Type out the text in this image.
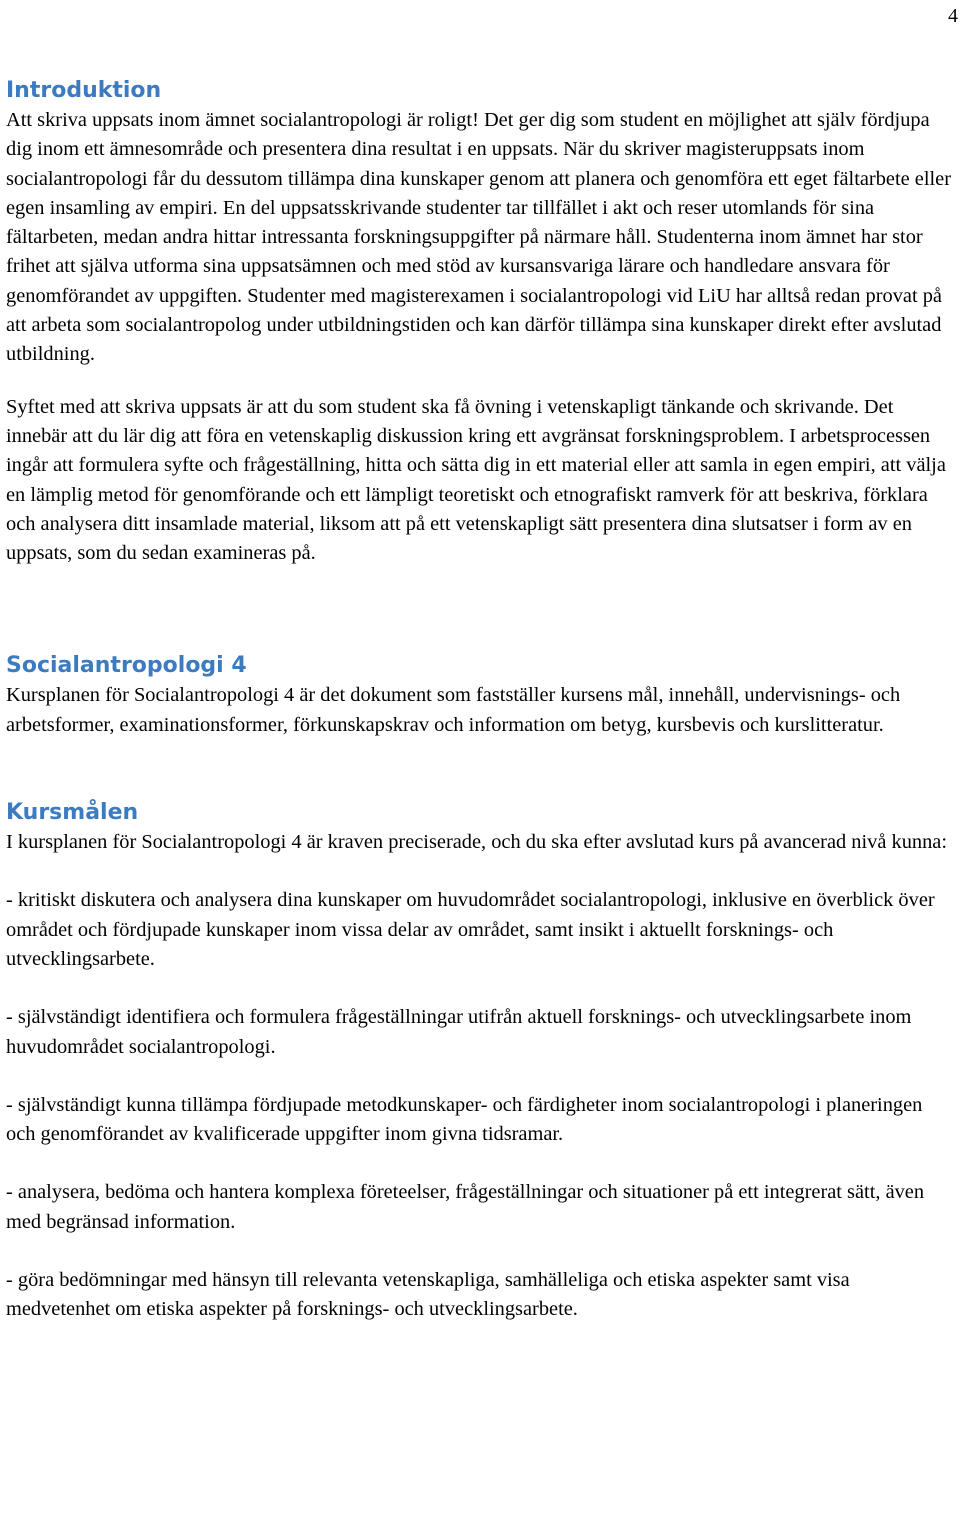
4
Introduktion

Att skriva uppsats inom ämnet socialantropologi är roligt! Det ger dig som student en möjlighet att själv fördjupa dig inom ett ämnesområde och presentera dina resultat i en uppsats. När du skriver magisteruppsats inom socialantropologi får du dessutom tillämpa dina kunskaper genom att planera och genomföra ett eget fältarbete eller egen insamling av empiri. En del uppsatsskrivande studenter tar tillfället i akt och reser utomlands för sina fältarbeten, medan andra hittar intressanta forskningsuppgifter på närmare håll. Studenterna inom ämnet har stor frihet att själva utforma sina uppsatsämnen och med stöd av kursansvariga lärare och handledare ansvara för genomförandet av uppgiften. Studenter med magisterexamen i socialantropologi vid LiU har alltså redan provat på att arbeta som socialantropolog under utbildningstiden och kan därför tillämpa sina kunskaper direkt efter avslutad utbildning.

Syftet med att skriva uppsats är att du som student ska få övning i vetenskapligt tänkande och skrivande. Det innebär att du lär dig att föra en vetenskaplig diskussion kring ett avgränsat forskningsproblem. I arbetsprocessen ingår att formulera syfte och frågeställning, hitta och sätta dig in ett material eller att samla in egen empiri, att välja en lämplig metod för genomförande och ett lämpligt teoretiskt och etnografiskt ramverk för att beskriva, förklara och analysera ditt insamlade material, liksom att på ett vetenskapligt sätt presentera dina slutsatser i form av en uppsats, som du sedan examineras på.

Socialantropologi 4

Kursplanen för Socialantropologi 4 är det dokument som fastställer kursens mål, innehåll, undervisnings- och arbetsformer, examinationsformer, förkunskapskrav och information om betyg, kursbevis och kurslitteratur.

Kursmålen

I kursplanen för Socialantropologi 4 är kraven preciserade, och du ska efter avslutad kurs på avancerad nivå kunna:

- kritiskt diskutera och analysera dina kunskaper om huvudområdet socialantropologi, inklusive en överblick över området och fördjupade kunskaper inom vissa delar av området, samt insikt i aktuellt forsknings- och utvecklingsarbete.

- självständigt identifiera och formulera frågeställningar utifrån aktuell forsknings- och utvecklingsarbete inom huvudområdet socialantropologi.

- självständigt kunna tillämpa fördjupade metodkunskaper- och färdigheter inom socialantropologi i planeringen och genomförandet av kvalificerade uppgifter inom givna tidsramar.

- analysera, bedöma och hantera komplexa företeelser, frågeställningar och situationer på ett integrerat sätt, även med begränsad information.

- göra bedömningar med hänsyn till relevanta vetenskapliga, samhälleliga och etiska aspekter samt visa medvetenhet om etiska aspekter på forsknings- och utvecklingsarbete.
